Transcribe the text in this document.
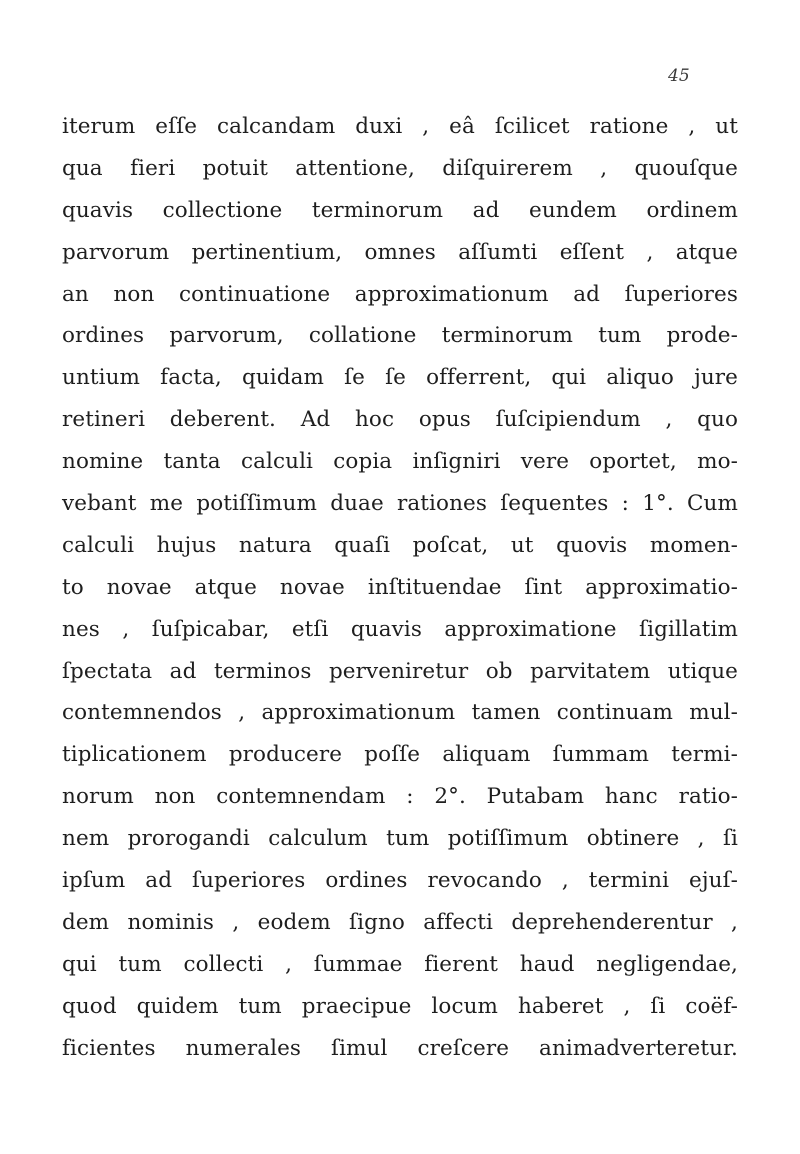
45
iterum eſſe calcandam duxi , eâ ſcilicet ratione , ut
qua fieri potuit attentione, diſquirerem , quouſque
quavis collectione terminorum ad eundem ordinem
parvorum pertinentium, omnes aſſumti eſſent , atque
an non continuatione approximationum ad ſuperiores
ordines parvorum, collatione terminorum tum prode-
untium facta, quidam ſe ſe offerrent, qui aliquo jure
retineri deberent. Ad hoc opus ſuſcipiendum , quo
nomine tanta calculi copia inſigniri vere oportet, mo-
vebant me potiſſimum duae rationes ſequentes : 1°. Cum
calculi hujus natura quaſi poſcat, ut quovis momen-
to novae atque novae inſtituendae ſint approximatio-
nes , ſuſpicabar, etſi quavis approximatione ſigillatim
ſpectata ad terminos perveniretur ob parvitatem utique
contemnendos , approximationum tamen continuam mul-
tiplicationem producere poſſe aliquam ſummam termi-
norum non contemnendam : 2°. Putabam hanc ratio-
nem prorogandi calculum tum potiſſimum obtinere , ſi
ipſum ad ſuperiores ordines revocando , termini ejuſ-
dem nominis , eodem ſigno affecti deprehenderentur ,
qui tum collecti , ſummae fierent haud negligendae,
quod quidem tum praecipue locum haberet , ſi coëf-
ficientes numerales ſimul creſcere animadverteretur.
